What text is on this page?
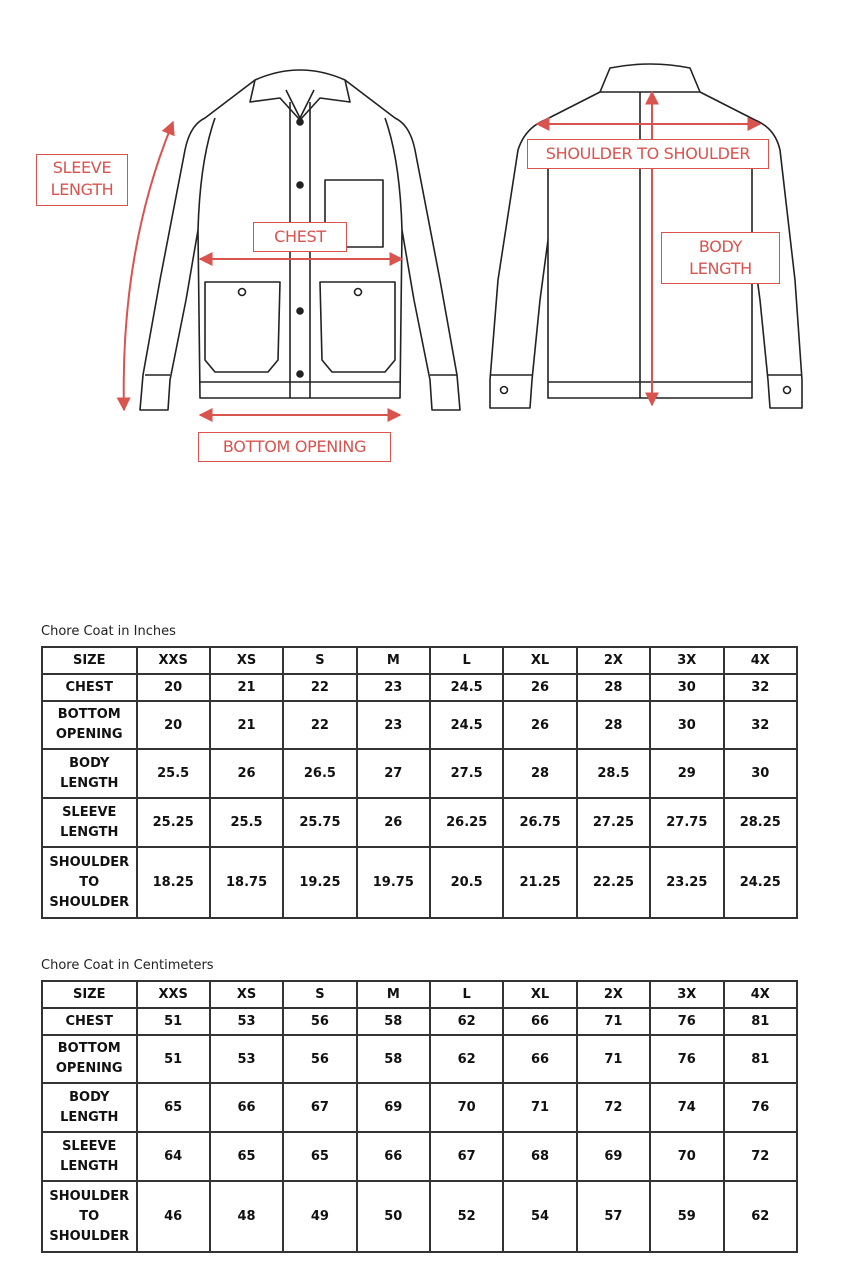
SLEEVE
LENGTH
CHEST
BOTTOM OPENING
SHOULDER TO SHOULDER
BODY
LENGTH
Chore Coat in Inches
SIZE	XXS	XS	S	M	L	XL	2X	3X	4X

CHEST	20	21	22	23	24.5	26	28	30	32

BOTTOM
OPENING	20	21	22	23	24.5	26	28	30	32

BODY
LENGTH	25.5	26	26.5	27	27.5	28	28.5	29	30

SLEEVE
LENGTH	25.25	25.5	25.75	26	26.25	26.75	27.25	27.75	28.25

SHOULDER
TO
SHOULDER	18.25	18.75	19.25	19.75	20.5	21.25	22.25	23.25	24.25
Chore Coat in Centimeters
SIZE	XXS	XS	S	M	L	XL	2X	3X	4X

CHEST	51	53	56	58	62	66	71	76	81

BOTTOM
OPENING	51	53	56	58	62	66	71	76	81

BODY
LENGTH	65	66	67	69	70	71	72	74	76

SLEEVE
LENGTH	64	65	65	66	67	68	69	70	72

SHOULDER
TO
SHOULDER	46	48	49	50	52	54	57	59	62
